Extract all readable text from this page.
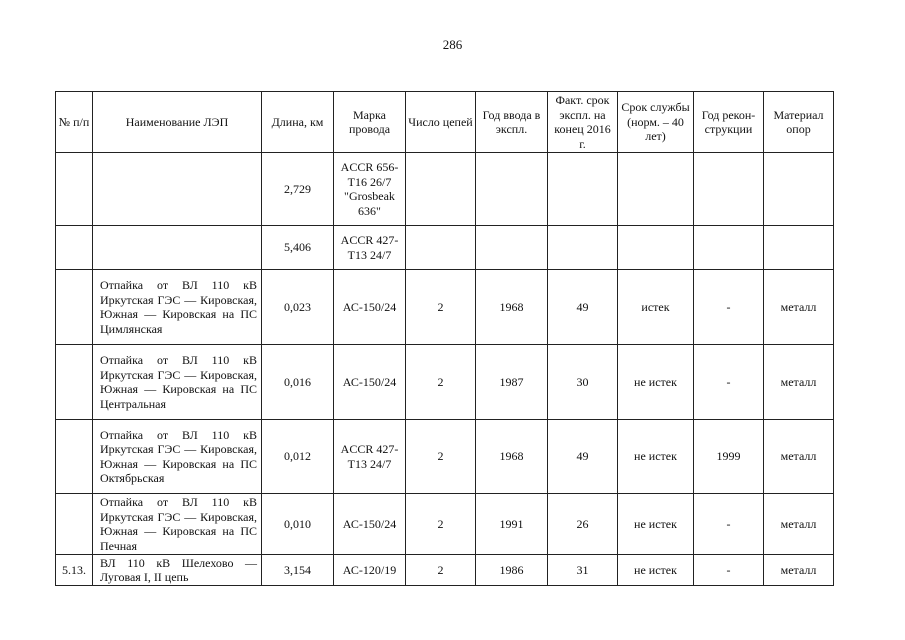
286
№ п/п	Наименование ЛЭП	Длина, км	Марка провода	Число цепей	Год ввода в экспл.	Факт. срок экспл. на конец 2016 г.	Срок службы (норм. – 40 лет)	Год рекон-струкции	Материал опор
		2,729	ACCR 656-T16 26/7 "Grosbeak 636"						
		5,406	ACCR 427-T13 24/7						
	Отпайка от ВЛ 110 кВ Иркутская ГЭС — Кировская, Южная — Кировская на ПС Цимлянская	0,023	АС-150/24	2	1968	49	истек	-	металл
	Отпайка от ВЛ 110 кВ Иркутская ГЭС — Кировская, Южная — Кировская на ПС Центральная	0,016	АС-150/24	2	1987	30	не истек	-	металл
	Отпайка от ВЛ 110 кВ Иркутская ГЭС — Кировская, Южная — Кировская на ПС Октябрьская	0,012	ACCR 427-T13 24/7	2	1968	49	не истек	1999	металл
	Отпайка от ВЛ 110 кВ Иркутская ГЭС — Кировская, Южная — Кировская на ПС Печная	0,010	АС-150/24	2	1991	26	не истек	-	металл
5.13.	ВЛ 110 кВ Шелехово — Луговая I, II цепь	3,154	АС-120/19	2	1986	31	не истек	-	металл
